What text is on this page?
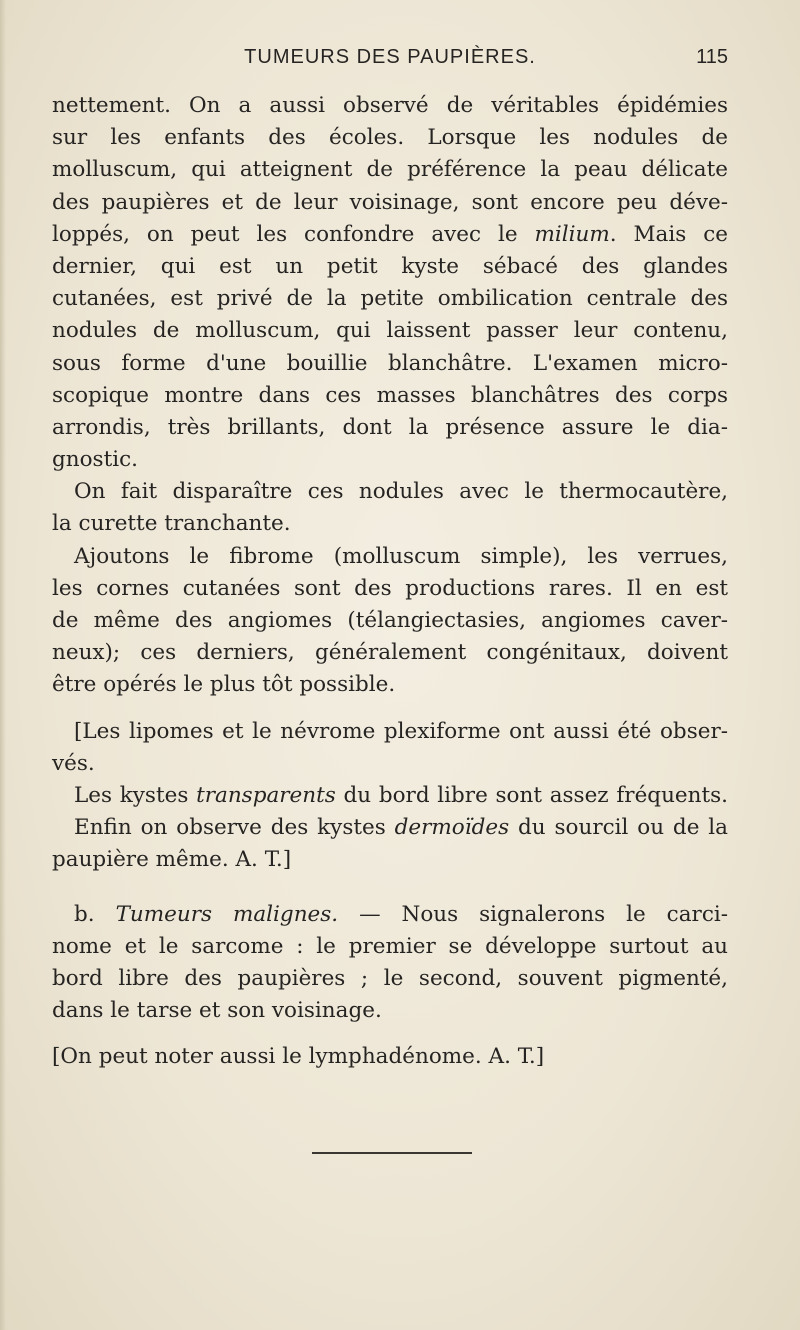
TUMEURS DES PAUPIÈRES.	115
nettement. On a aussi observé de véritables épidémies
sur les enfants des écoles. Lorsque les nodules de
molluscum, qui atteignent de préférence la peau délicate
des paupières et de leur voisinage, sont encore peu déve-
loppés, on peut les confondre avec le milium. Mais ce
dernier, qui est un petit kyste sébacé des glandes
cutanées, est privé de la petite ombilication centrale des
nodules de molluscum, qui laissent passer leur contenu,
sous forme d'une bouillie blanchâtre. L'examen micro-
scopique montre dans ces masses blanchâtres des corps
arrondis, très brillants, dont la présence assure le dia-
gnostic.
On fait disparaître ces nodules avec le thermocautère,
la curette tranchante.
Ajoutons le fibrome (molluscum simple), les verrues,
les cornes cutanées sont des productions rares. Il en est
de même des angiomes (télangiectasies, angiomes caver-
neux); ces derniers, généralement congénitaux, doivent
être opérés le plus tôt possible.
[Les lipomes et le névrome plexiforme ont aussi été obser-
vés.
Les kystes transparents du bord libre sont assez fréquents.
Enfin on observe des kystes dermoïdes du sourcil ou de la
paupière même. A. T.]
b. Tumeurs malignes. — Nous signalerons le carci-
nome et le sarcome : le premier se développe surtout au
bord libre des paupières ; le second, souvent pigmenté,
dans le tarse et son voisinage.
[On peut noter aussi le lymphadénome. A. T.]
